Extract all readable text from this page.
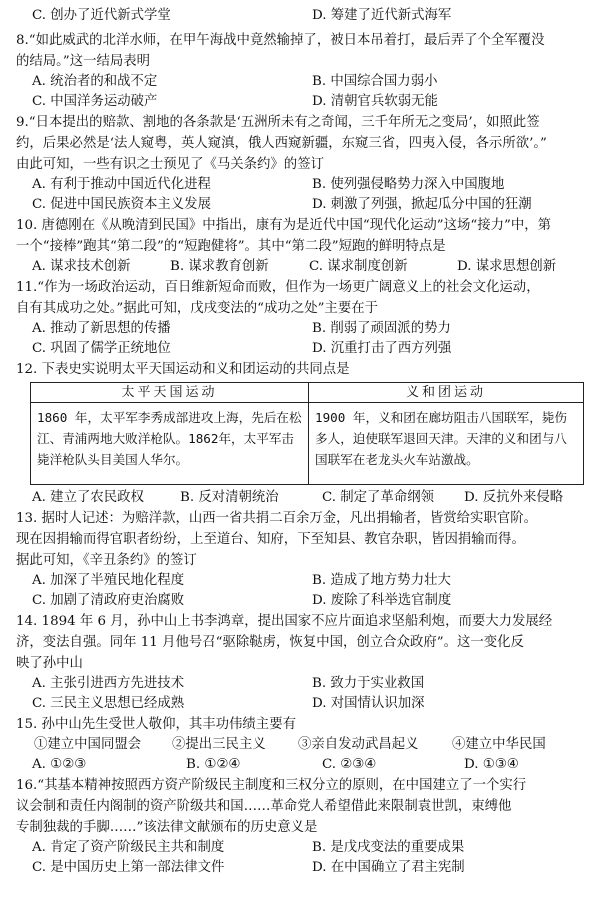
C. 创办了近代新式学堂	D. 筹建了近代新式海军
8.“如此威武的北洋水师，在甲午海战中竟然输掉了，被日本吊着打，最后弄了个全军覆没
的结局。”这一结局表明
A. 统治者的和战不定	B. 中国综合国力弱小
C. 中国洋务运动破产	D. 清朝官兵软弱无能
9.“日本提出的赔款、割地的各条款是‘五洲所未有之奇闻，三千年所无之变局’，如照此签
约，后果必然是‘法人窥粤，英人窥滇，俄人西窥新疆，东窥三省，四夷入侵，各示所欲’。”
由此可知，一些有识之士预见了《马关条约》的签订
A. 有利于推动中国近代化进程	B. 使列强侵略势力深入中国腹地
C. 促进中国民族资本主义发展	D. 刺激了列强，掀起瓜分中国的狂潮
10. 唐德刚在《从晚清到民国》中指出，康有为是近代中国“现代化运动”这场“接力”中，第
一个“接棒”跑其“第二段”的“短跑健将”。其中“第二段”短跑的鲜明特点是
A. 谋求技术创新	B. 谋求教育创新	C. 谋求制度创新	D. 谋求思想创新
11.“作为一场政治运动，百日维新短命而败，但作为一场更广阔意义上的社会文化运动，
自有其成功之处。”据此可知，戊戌变法的“成功之处”主要在于
A. 推动了新思想的传播	B. 削弱了顽固派的势力
C. 巩固了儒学正统地位	D. 沉重打击了西方列强
12. 下表史实说明太平天国运动和义和团运动的共同点是
太平天国运动	义和团运动
1860 年，太平军李秀成部进攻上海，先后在松江、青浦两地大败洋枪队。1862年，太平军击毙洋枪队头目美国人华尔。	1900 年，义和团在廊坊阻击八国联军，毙伤多人，迫使联军退回天津。天津的义和团与八国联军在老龙头火车站激战。
A. 建立了农民政权	B. 反对清朝统治	C. 制定了革命纲领 D. 反抗外来侵略
13. 据时人记述：为赔洋款，山西一省共捐二百余万金，凡出捐输者，皆赏给实职官阶。
现在因捐输而得官职者纷纷，上至道台、知府，下至知县、教官杂职，皆因捐输而得。
据此可知，《辛丑条约》的签订
A. 加深了半殖民地化程度	B. 造成了地方势力壮大
C. 加剧了清政府吏治腐败	D. 废除了科举选官制度
14. 1894 年 6 月，孙中山上书李鸿章，提出国家不应片面追求坚船利炮，而要大力发展经
济，变法自强。同年 11 月他号召“驱除鞑虏，恢复中国，创立合众政府”。这一变化反
映了孙中山
A. 主张引进西方先进技术	B. 致力于实业救国
C. 三民主义思想已经成熟	D. 对国情认识加深
15. 孙中山先生受世人敬仰，其丰功伟绩主要有
①建立中国同盟会 ②提出三民主义 ③亲自发动武昌起义 ④建立中华民国
A. ①②③	B. ①②④	C. ②③④	D. ①③④
16.“其基本精神按照西方资产阶级民主制度和三权分立的原则，在中国建立了一个实行
议会制和责任内阁制的资产阶级共和国……革命党人希望借此来限制袁世凯，束缚他
专制独裁的手脚……”该法律文献颁布的历史意义是
A. 肯定了资产阶级民主共和制度	B. 是戊戌变法的重要成果
C. 是中国历史上第一部法律文件	D. 在中国确立了君主宪制
